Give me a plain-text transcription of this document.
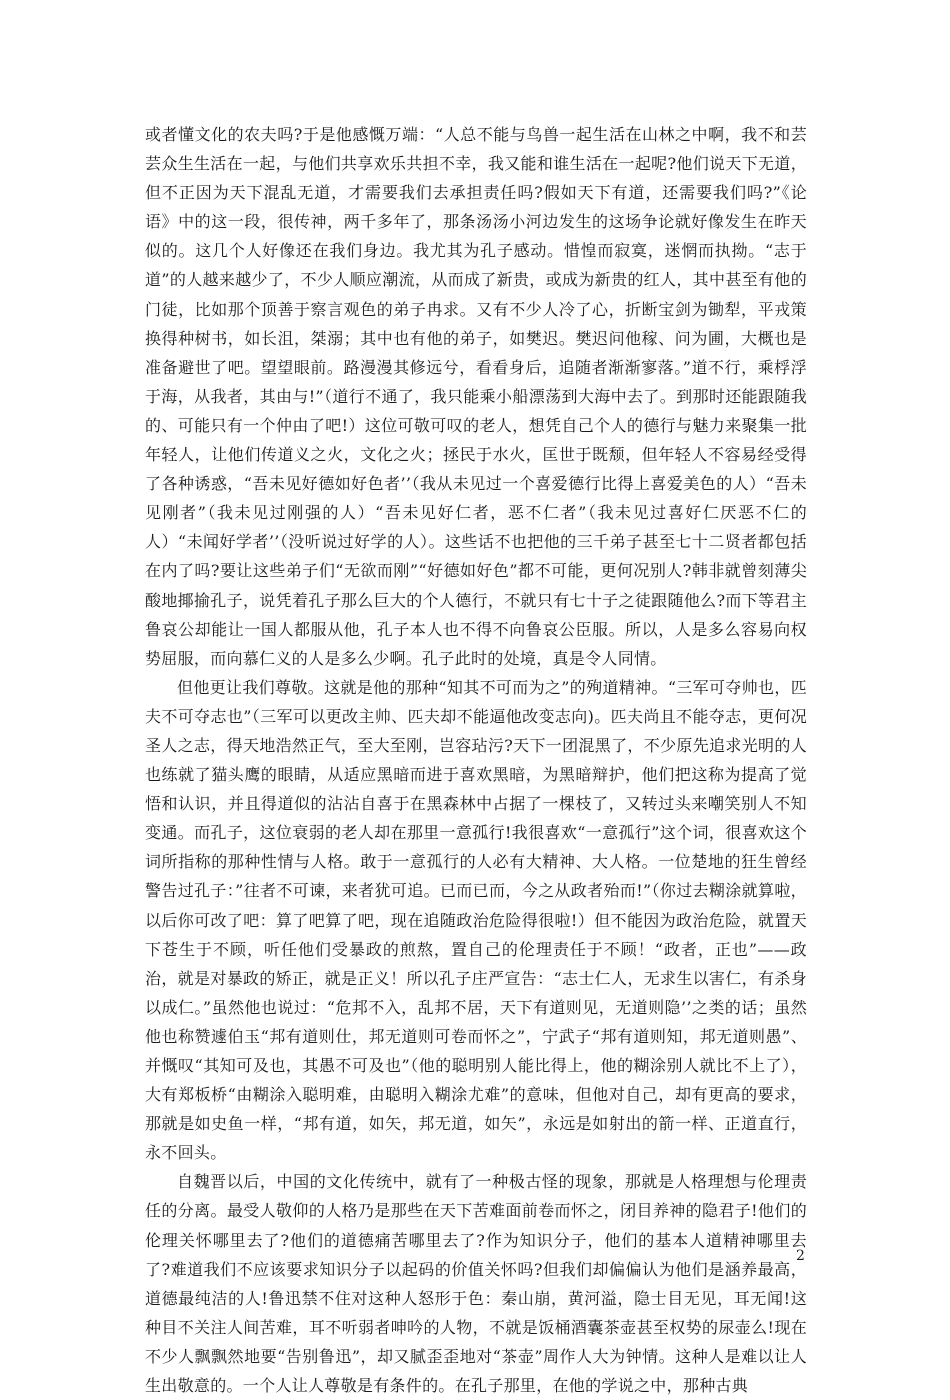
或者懂文化的农夫吗?于是他感慨万端：“人总不能与鸟兽一起生活在山林之中啊，我不和芸芸众生生活在一起，与他们共享欢乐共担不幸，我又能和谁生活在一起呢?他们说天下无道，但不正因为天下混乱无道，才需要我们去承担责任吗?假如天下有道，还需要我们吗?”《论语》中的这一段，很传神，两千多年了，那条汤汤小河边发生的这场争论就好像发生在昨天似的。这几个人好像还在我们身边。我尤其为孔子感动。惜惶而寂寞，迷惘而执拗。“志于道”的人越来越少了，不少人顺应潮流，从而成了新贵，或成为新贵的红人，其中甚至有他的门徒，比如那个顶善于察言观色的弟子冉求。又有不少人冷了心，折断宝剑为锄犁，平戎策换得种树书，如长沮，桀溺；其中也有他的弟子，如樊迟。樊迟问他稼、问为圃，大概也是准备避世了吧。望望眼前。路漫漫其修远兮，看看身后，追随者渐渐寥落。”道不行，乘桴浮于海，从我者，其由与!”（道行不通了，我只能乘小船漂荡到大海中去了。到那时还能跟随我的、可能只有一个仲由了吧!）这位可敬可叹的老人，想凭自己个人的德行与魅力来聚集一批年轻人，让他们传道义之火，文化之火；拯民于水火，匡世于既颓，但年轻人不容易经受得了各种诱惑，“吾未见好德如好色者’’（我从未见过一个喜爱德行比得上喜爱美色的人）“吾未见刚者”（我未见过刚强的人）“吾未见好仁者，恶不仁者”（我未见过喜好仁厌恶不仁的人）“未闻好学者’’（没听说过好学的人）。这些话不也把他的三千弟子甚至七十二贤者都包括在内了吗?要让这些弟子们“无欲而刚”“好德如好色”都不可能，更何况别人?韩非就曾刻薄尖酸地揶揄孔子，说凭着孔子那么巨大的个人德行，不就只有七十子之徒跟随他么?而下等君主鲁哀公却能让一国人都服从他，孔子本人也不得不向鲁哀公臣服。所以，人是多么容易向权势屈服，而向慕仁义的人是多么少啊。孔子此时的处境，真是令人同情。

但他更让我们尊敬。这就是他的那种“知其不可而为之”的殉道精神。“三军可夺帅也，匹夫不可夺志也”（三军可以更改主帅、匹夫却不能逼他改变志向)。匹夫尚且不能夺志，更何况圣人之志，得天地浩然正气，至大至刚，岂容玷污?天下一团混黑了，不少原先追求光明的人也练就了猫头鹰的眼睛，从适应黑暗而进于喜欢黑暗，为黑暗辩护，他们把这称为提高了觉悟和认识，并且得道似的沾沾自喜于在黑森林中占据了一棵枝了，又转过头来嘲笑别人不知变通。而孔子，这位衰弱的老人却在那里一意孤行!我很喜欢“一意孤行”这个词，很喜欢这个词所指称的那种性情与人格。敢于一意孤行的人必有大精神、大人格。一位楚地的狂生曾经警告过孔子：”往者不可谏，来者犹可追。已而已而，今之从政者殆而!”（你过去糊涂就算啦，以后你可改了吧：算了吧算了吧，现在追随政治危险得很啦!）但不能因为政治危险，就置天下苍生于不顾，听任他们受暴政的煎熬，置自己的伦理责任于不顾！“政者，正也”——政治，就是对暴政的矫正，就是正义！所以孔子庄严宣告：“志士仁人，无求生以害仁，有杀身以成仁。”虽然他也说过：“危邦不入，乱邦不居，天下有道则见，无道则隐’’之类的话；虽然他也称赞遽伯玉“邦有道则仕，邦无道则可卷而怀之”，宁武子“邦有道则知，邦无道则愚”、并慨叹“其知可及也，其愚不可及也”（他的聪明别人能比得上，他的糊涂别人就比不上了），大有郑板桥“由糊涂入聪明难，由聪明入糊涂尤难”的意味，但他对自己，却有更高的要求，那就是如史鱼一样，“邦有道，如矢，邦无道，如矢”，永远是如射出的箭一样、正道直行，永不回头。

自魏晋以后，中国的文化传统中，就有了一种极古怪的现象，那就是人格理想与伦理责任的分离。最受人敬仰的人格乃是那些在天下苦难面前卷而怀之，闭目养神的隐君子!他们的伦理关怀哪里去了?他们的道德痛苦哪里去了?作为知识分子，他们的基本人道精神哪里去了?难道我们不应该要求知识分子以起码的价值关怀吗?但我们却偏偏认为他们是涵养最高，道德最纯洁的人!鲁迅禁不住对这种人怒形于色：秦山崩，黄河溢，隐士目无见，耳无闻!这种目不关注人间苦难，耳不听弱者呻吟的人物，不就是饭桶酒囊茶壶甚至权势的尿壶么!现在不少人飘飘然地要“告别鲁迅”，却又腻歪歪地对“茶壶”周作人大为钟情。这种人是难以让人生出敬意的。一个人让人尊敬是有条件的。在孔子那里，在他的学说之中，那种古典

2
